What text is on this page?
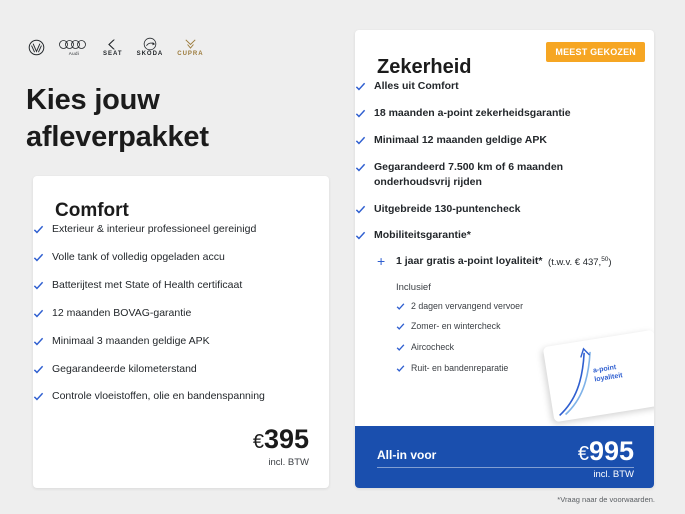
Audi	SEAT SKODA CUPRA
Kies jouw
afleverpakket
Comfort
Exterieur & interieur professioneel gereinigd
Volle tank of volledig opgeladen accu
Batterijtest met State of Health certificaat
12 maanden BOVAG-garantie
Minimaal 3 maanden geldige APK
Gegarandeerde kilometerstand
Controle vloeistoffen, olie en bandenspanning
€395
incl. BTW
MEEST GEKOZEN
Zekerheid
Alles uit Comfort
18 maanden a-point zekerheidsgarantie
Minimaal 12 maanden geldige APK
Gegarandeerd 7.500 km of 6 maanden onderhoudsvrij rijden
Uitgebreide 130-puntencheck
Mobiliteitsgarantie*
+ 1 jaar gratis a-point loyaliteit* (t.w.v. € 437,50)
Inclusief
2 dagen vervangend vervoer
Zomer- en wintercheck
Aircocheck
Ruit- en bandenreparatie	a-point
loyaliteit
All-in voor	€995
incl. BTW
*Vraag naar de voorwaarden.
